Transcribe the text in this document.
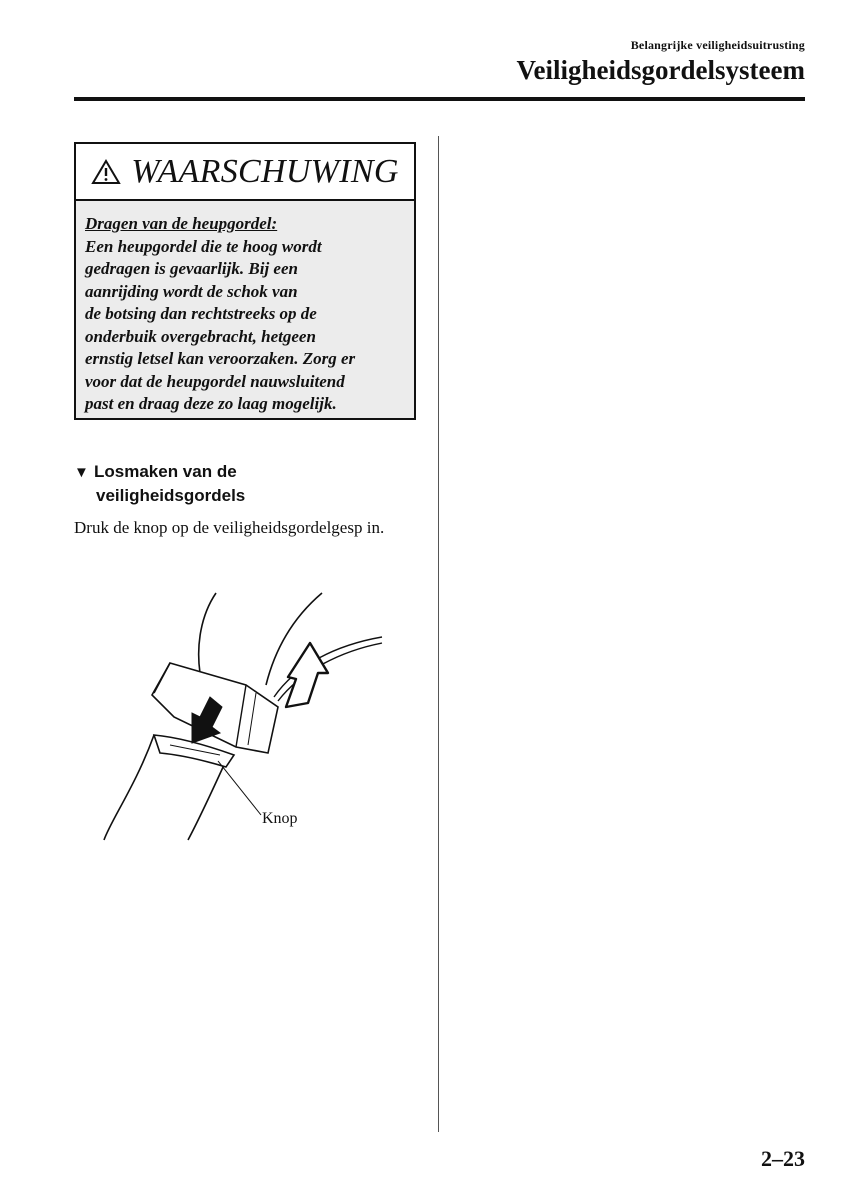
Belangrijke veiligheidsuitrusting
Veiligheidsgordelsysteem
WAARSCHUWING
Dragen van de heupgordel:
Een heupgordel die te hoog wordt
gedragen is gevaarlijk. Bij een
aanrijding wordt de schok van
de botsing dan rechtstreeks op de
onderbuik overgebracht, hetgeen
ernstig letsel kan veroorzaken. Zorg er
voor dat de heupgordel nauwsluitend
past en draag deze zo laag mogelijk.
▼ Losmaken van de
veiligheidsgordels
Druk de knop op de veiligheidsgordelgesp in.
Knop
2–23
